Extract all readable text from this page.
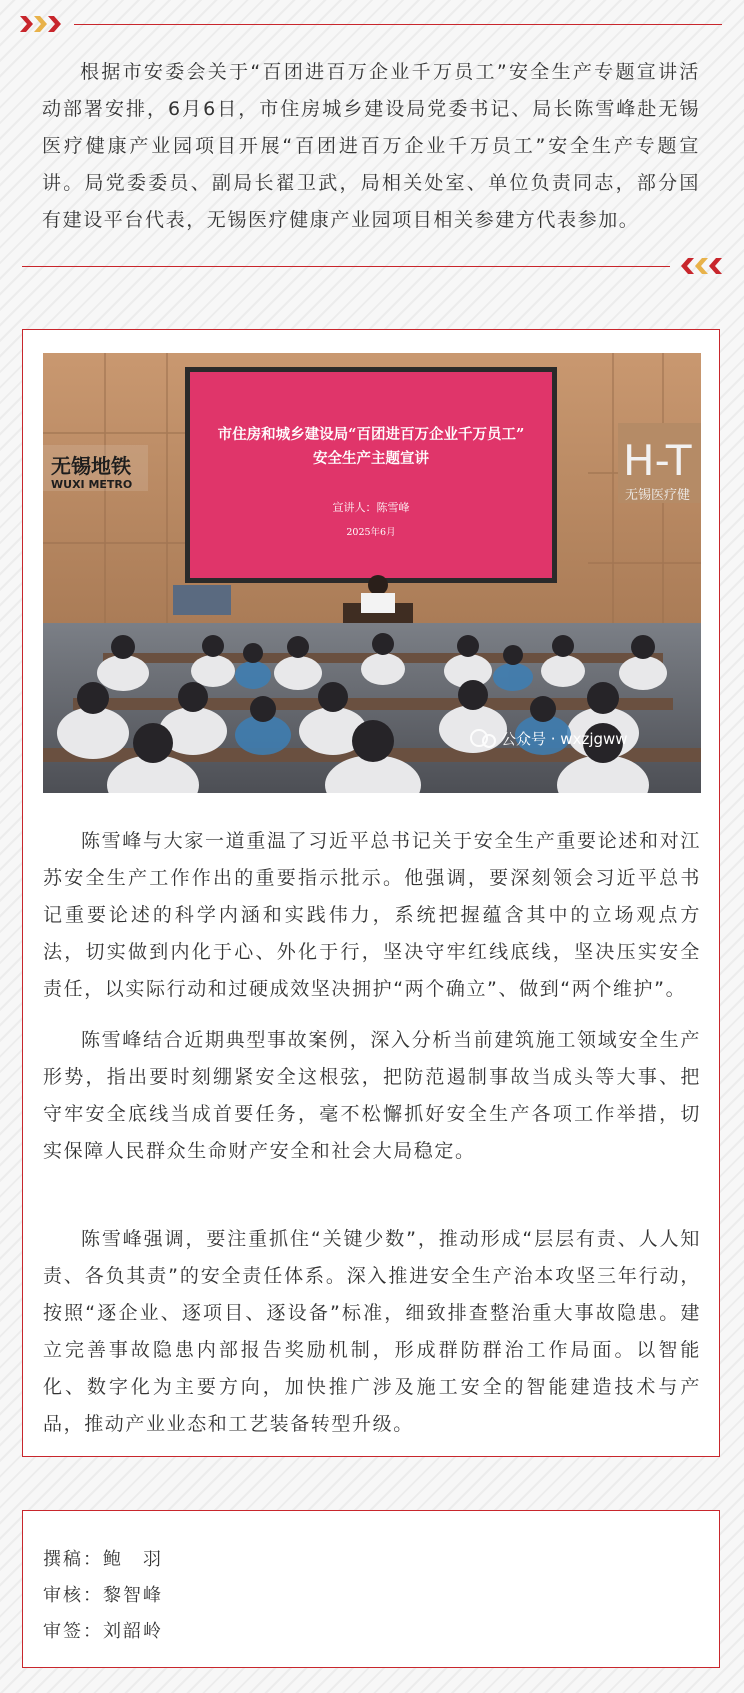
根据市安委会关于“百团进百万企业千万员工”安全生产专题宣讲活动部署安排，6月6日，市住房城乡建设局党委书记、局长陈雪峰赴无锡医疗健康产业园项目开展“百团进百万企业千万员工”安全生产专题宣讲。局党委委员、副局长翟卫武，局相关处室、单位负责同志，部分国有建设平台代表，无锡医疗健康产业园项目相关参建方代表参加。

无锡地铁
WUXI METRO	H-T
无锡医疗健
市住房和城乡建设局“百团进百万企业千万员工”
安全生产主题宣讲
宣讲人：陈雪峰
2025年6月
公众号 · wxzjgww

陈雪峰与大家一道重温了习近平总书记关于安全生产重要论述和对江苏安全生产工作作出的重要指示批示。他强调，要深刻领会习近平总书记重要论述的科学内涵和实践伟力，系统把握蕴含其中的立场观点方法，切实做到内化于心、外化于行，坚决守牢红线底线，坚决压实安全责任，以实际行动和过硬成效坚决拥护“两个确立”、做到“两个维护”。

陈雪峰结合近期典型事故案例，深入分析当前建筑施工领域安全生产形势，指出要时刻绷紧安全这根弦，把防范遏制事故当成头等大事、把守牢安全底线当成首要任务，毫不松懈抓好安全生产各项工作举措，切实保障人民群众生命财产安全和社会大局稳定。

陈雪峰强调，要注重抓住“关键少数”，推动形成“层层有责、人人知责、各负其责”的安全责任体系。深入推进安全生产治本攻坚三年行动，按照“逐企业、逐项目、逐设备”标准，细致排查整治重大事故隐患。建立完善事故隐患内部报告奖励机制，形成群防群治工作局面。以智能化、数字化为主要方向，加快推广涉及施工安全的智能建造技术与产品，推动产业业态和工艺装备转型升级。

撰稿：鲍　羽
审核：黎智峰
审签：刘韶岭
